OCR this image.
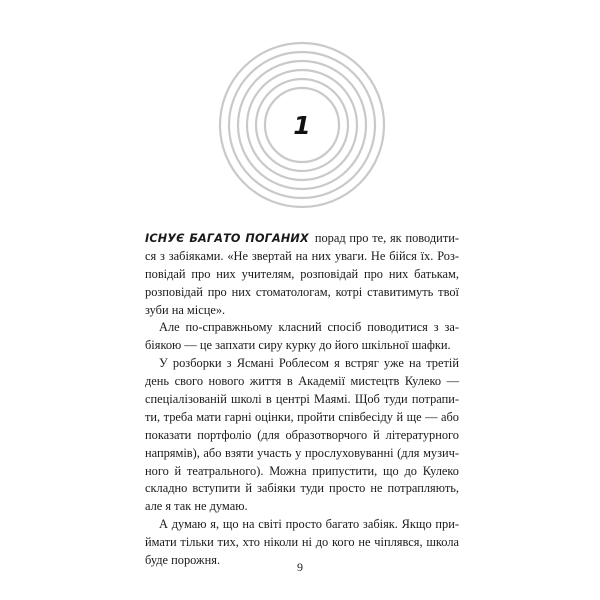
1
ІСНУЄ БАГАТО ПОГАНИХ порад про те, як поводити-
ся з забіяками. «Не звертай на них уваги. Не бійся їх. Роз-
повідай про них учителям, розповідай про них батькам,
розповідай про них стоматологам, котрі ставитимуть твої
зуби на місце».
Але по-справжньому класний спосіб поводитися з за-
біякою — це запхати сиру курку до його шкільної шафки.
У розборки з Ясмані Роблесом я встряг уже на третій
день свого нового життя в Академії мистецтв Кулеко —
спеціалізованій школі в центрі Маямі. Щоб туди потрапи-
ти, треба мати гарні оцінки, пройти співбесіду й ще — або
показати портфоліо (для образотворчого й літературного
напрямів), або взяти участь у прослуховуванні (для музич-
ного й театрального). Можна припустити, що до Кулеко
складно вступити й забіяки туди просто не потрапляють,
але я так не думаю.
А думаю я, що на світі просто багато забіяк. Якщо при-
ймати тільки тих, хто ніколи ні до кого не чіплявся, школа
буде порожня.	9
